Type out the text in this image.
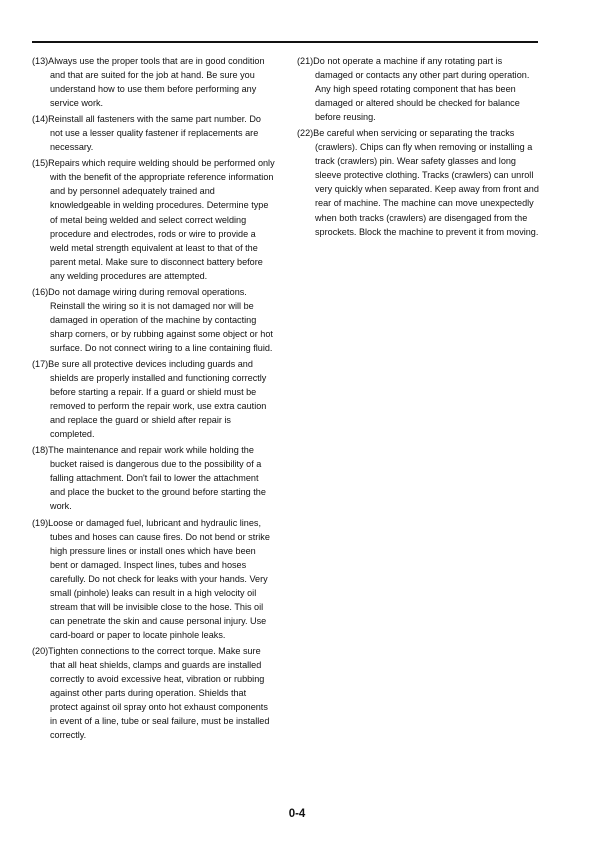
(13)Always use the proper tools that are in good condition and that are suited for the job at hand. Be sure you understand how to use them before performing any service work.

(14)Reinstall all fasteners with the same part number. Do not use a lesser quality fastener if replacements are necessary.

(15)Repairs which require welding should be performed only with the benefit of the appropriate reference information and by personnel adequately trained and knowledgeable in welding procedures. Determine type of metal being welded and select correct welding procedure and electrodes, rods or wire to provide a weld metal strength equivalent at least to that of the parent metal. Make sure to disconnect battery before any welding procedures are attempted.

(16)Do not damage wiring during removal operations. Reinstall the wiring so it is not damaged nor will be damaged in operation of the machine by contacting sharp corners, or by rubbing against some object or hot surface. Do not connect wiring to a line containing fluid.

(17)Be sure all protective devices including guards and shields are properly installed and functioning correctly before starting a repair. If a guard or shield must be removed to perform the repair work, use extra caution and replace the guard or shield after repair is completed.

(18)The maintenance and repair work while holding the bucket raised is dangerous due to the possibility of a falling attachment. Don't fail to lower the attachment and place the bucket to the ground before starting the work.

(19)Loose or damaged fuel, lubricant and hydraulic lines, tubes and hoses can cause fires. Do not bend or strike high pressure lines or install ones which have been bent or damaged. Inspect lines, tubes and hoses carefully. Do not check for leaks with your hands. Very small (pinhole) leaks can result in a high velocity oil stream that will be invisible close to the hose. This oil can penetrate the skin and cause personal injury. Use card-board or paper to locate pinhole leaks.

(20)Tighten connections to the correct torque. Make sure that all heat shields, clamps and guards are installed correctly to avoid excessive heat, vibration or rubbing against other parts during operation. Shields that protect against oil spray onto hot exhaust components in event of a line, tube or seal failure, must be installed correctly.

(21)Do not operate a machine if any rotating part is damaged or contacts any other part during operation. Any high speed rotating component that has been damaged or altered should be checked for balance before reusing.

(22)Be careful when servicing or separating the tracks (crawlers). Chips can fly when removing or installing a track (crawlers) pin. Wear safety glasses and long sleeve protective clothing. Tracks (crawlers) can unroll very quickly when separated. Keep away from front and rear of machine. The machine can move unexpectedly when both tracks (crawlers) are disengaged from the sprockets. Block the machine to prevent it from moving.

0-4
